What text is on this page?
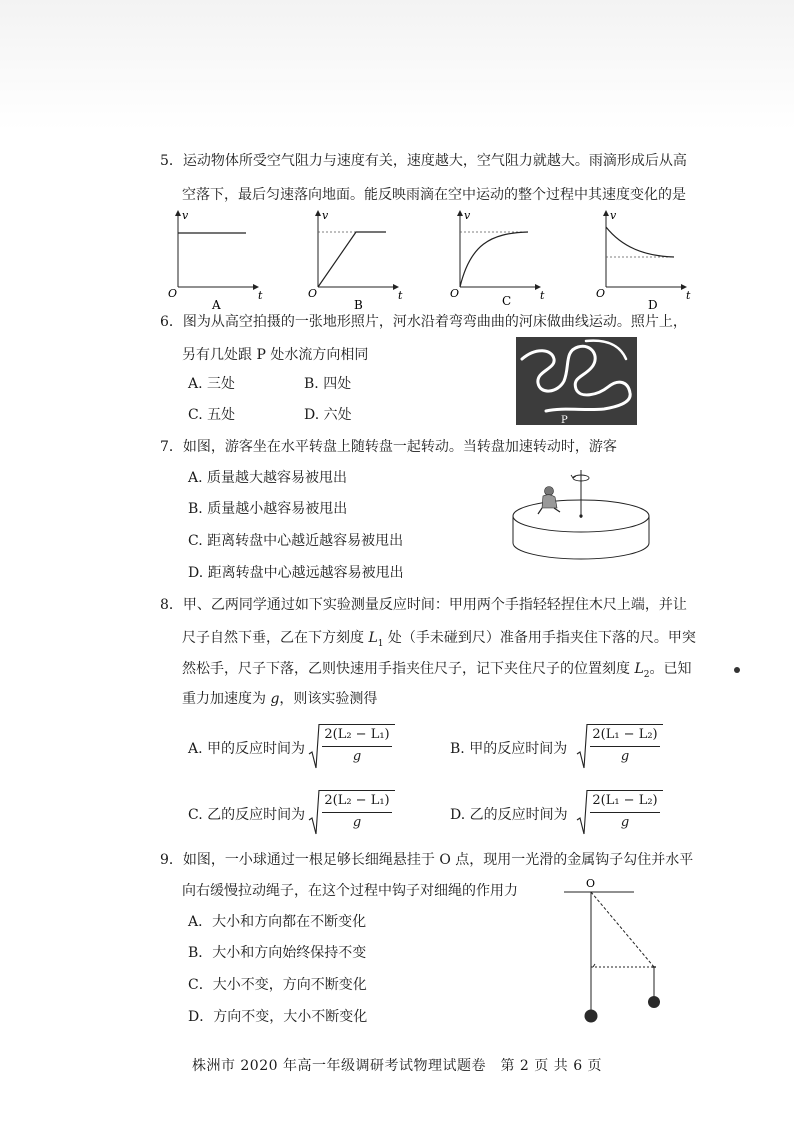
5．运动物体所受空气阻力与速度有关，速度越大，空气阻力就越大。雨滴形成后从高
空落下，最后匀速落向地面。能反映雨滴在空中运动的整个过程中其速度变化的是
v
t
O
A
v
t
O
B
v
t
O
C
v
t
O
D
6．图为从高空拍摄的一张地形照片，河水沿着弯弯曲曲的河床做曲线运动。照片上，
另有几处跟 P 处水流方向相同
A. 三处	B. 四处
C. 五处	D. 六处	P
7．如图，游客坐在水平转盘上随转盘一起转动。当转盘加速转动时，游客
A. 质量越大越容易被甩出
B. 质量越小越容易被甩出
C. 距离转盘中心越近越容易被甩出
D. 距离转盘中心越远越容易被甩出
8．甲、乙两同学通过如下实验测量反应时间：甲用两个手指轻轻捏住木尺上端，并让
尺子自然下垂，乙在下方刻度 $L_1$ 处（手未碰到尺）准备用手指夹住下落的尺。甲突
然松手，尺子下落，乙则快速用手指夹住尺子，记下夹住尺子的位置刻度 $L_2$。已知
重力加速度为 g，则该实验测得
A. 甲的反应时间为
2(L₂ − L₁)
g	B. 甲的反应时间为
2(L₁ − L₂)
g
C. 乙的反应时间为
2(L₂ − L₁)
g	D. 乙的反应时间为
2(L₁ − L₂)
g
9．如图，一小球通过一根足够长细绳悬挂于 O 点，现用一光滑的金属钩子勾住并水平
向右缓慢拉动绳子，在这个过程中钩子对细绳的作用力
A．大小和方向都在不断变化
B．大小和方向始终保持不变
C．大小不变，方向不断变化
D．方向不变，大小不断变化
O
株洲市 2020 年高一年级调研考试物理试题卷　第 2 页 共 6 页
